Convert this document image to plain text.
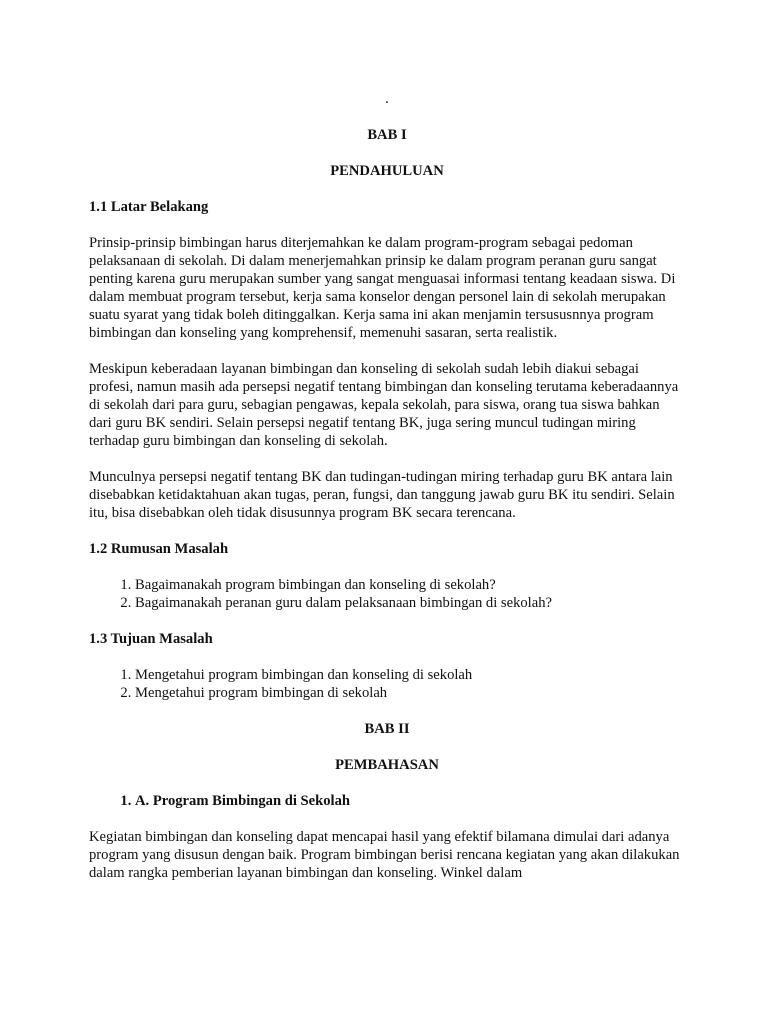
.

BAB I

PENDAHULUAN

1.1 Latar Belakang

Prinsip-prinsip bimbingan harus diterjemahkan ke dalam program-program sebagai pedoman pelaksanaan di sekolah. Di dalam menerjemahkan prinsip ke dalam program peranan guru sangat penting karena guru merupakan sumber yang sangat menguasai informasi tentang keadaan siswa. Di dalam membuat program tersebut, kerja sama konselor dengan personel lain di sekolah merupakan suatu syarat yang tidak boleh ditinggalkan. Kerja sama ini akan menjamin tersususnnya program bimbingan dan konseling yang komprehensif, memenuhi sasaran, serta realistik.

Meskipun keberadaan layanan bimbingan dan konseling di sekolah sudah lebih diakui sebagai profesi, namun masih ada persepsi negatif tentang bimbingan dan konseling terutama keberadaannya di sekolah dari para guru, sebagian pengawas, kepala sekolah, para siswa, orang tua siswa bahkan dari guru BK sendiri. Selain persepsi negatif tentang BK, juga sering muncul tudingan miring terhadap guru bimbingan dan konseling di sekolah.

Munculnya persepsi negatif tentang BK dan tudingan-tudingan miring terhadap guru BK antara lain disebabkan ketidaktahuan akan tugas, peran, fungsi, dan tanggung jawab guru BK itu sendiri. Selain itu, bisa disebabkan oleh tidak disusunnya program BK secara terencana.

1.2 Rumusan Masalah
1. Bagaimanakah program bimbingan dan konseling di sekolah?
2. Bagaimanakah peranan guru dalam pelaksanaan bimbingan di sekolah?
1.3 Tujuan Masalah
1. Mengetahui program bimbingan dan konseling di sekolah
2. Mengetahui program bimbingan di sekolah

BAB II

PEMBAHASAN

1. A. Program Bimbingan di Sekolah

Kegiatan bimbingan dan konseling dapat mencapai hasil yang efektif bilamana dimulai dari adanya program yang disusun dengan baik. Program bimbingan berisi rencana kegiatan yang akan dilakukan dalam rangka pemberian layanan bimbingan dan konseling. Winkel dalam
